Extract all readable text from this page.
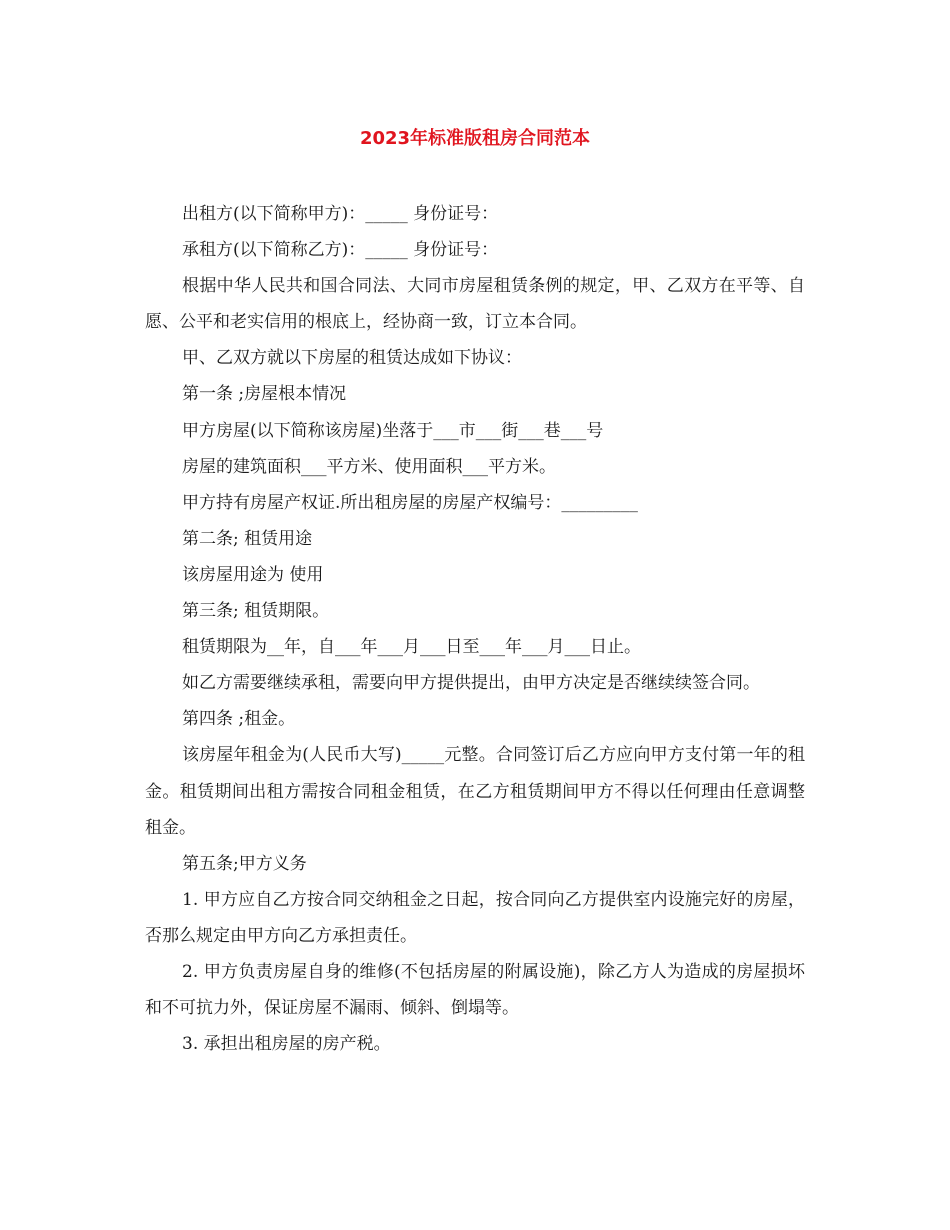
2023年标准版租房合同范本

出租方(以下简称甲方)：_____ 身份证号：

承租方(以下简称乙方)：_____ 身份证号：

根据中华人民共和国合同法、大同市房屋租赁条例的规定，甲、乙双方在平等、自愿、公平和老实信用的根底上，经协商一致，订立本合同。

甲、乙双方就以下房屋的租赁达成如下协议：

第一条 ;房屋根本情况

甲方房屋(以下简称该房屋)坐落于___市___街___巷___号

房屋的建筑面积___平方米、使用面积___平方米。

甲方持有房屋产权证.所出租房屋的房屋产权编号：_________

第二条; 租赁用途

该房屋用途为 使用

第三条; 租赁期限。

租赁期限为__年，自___年___月___日至___年___月___日止。

如乙方需要继续承租，需要向甲方提供提出，由甲方决定是否继续续签合同。

第四条 ;租金。

该房屋年租金为(人民币大写)_____元整。合同签订后乙方应向甲方支付第一年的租金。租赁期间出租方需按合同租金租赁，在乙方租赁期间甲方不得以任何理由任意调整租金。

第五条;甲方义务

1. 甲方应自乙方按合同交纳租金之日起，按合同向乙方提供室内设施完好的房屋，否那么规定由甲方向乙方承担责任。

2. 甲方负责房屋自身的维修(不包括房屋的附属设施)，除乙方人为造成的房屋损坏和不可抗力外，保证房屋不漏雨、倾斜、倒塌等。

3. 承担出租房屋的房产税。
